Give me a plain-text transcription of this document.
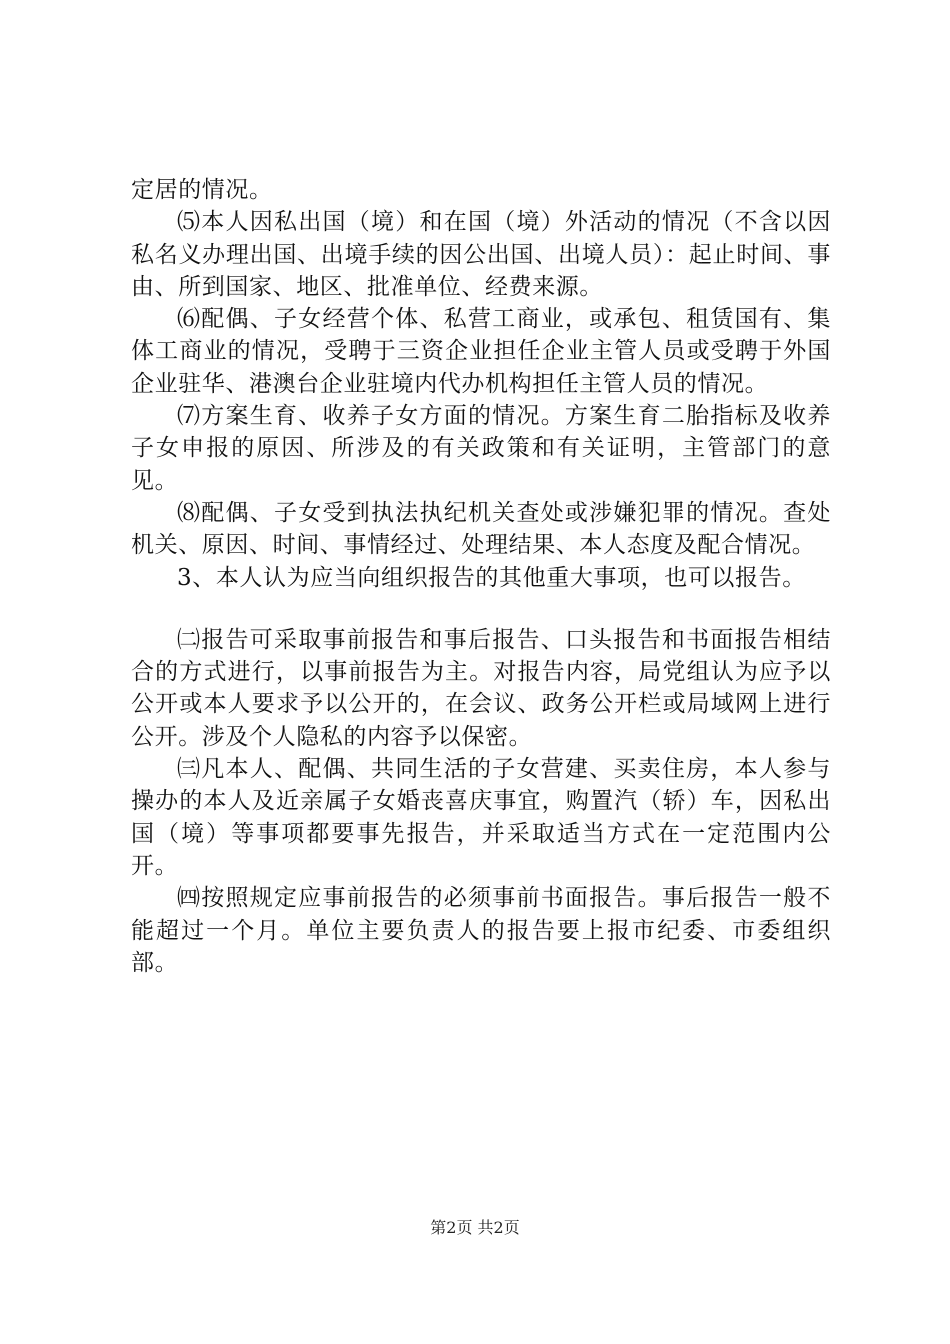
定居的情况。

⑸本人因私出国（境）和在国（境）外活动的情况（不含以因私名义办理出国、出境手续的因公出国、出境人员）：起止时间、事由、所到国家、地区、批准单位、经费来源。

⑹配偶、子女经营个体、私营工商业，或承包、租赁国有、集体工商业的情况，受聘于三资企业担任企业主管人员或受聘于外国企业驻华、港澳台企业驻境内代办机构担任主管人员的情况。

⑺方案生育、收养子女方面的情况。方案生育二胎指标及收养子女申报的原因、所涉及的有关政策和有关证明，主管部门的意见。

⑻配偶、子女受到执法执纪机关查处或涉嫌犯罪的情况。查处机关、原因、时间、事情经过、处理结果、本人态度及配合情况。

3、本人认为应当向组织报告的其他重大事项，也可以报告。

㈡报告可采取事前报告和事后报告、口头报告和书面报告相结合的方式进行，以事前报告为主。对报告内容，局党组认为应予以公开或本人要求予以公开的，在会议、政务公开栏或局域网上进行公开。涉及个人隐私的内容予以保密。

㈢凡本人、配偶、共同生活的子女营建、买卖住房，本人参与操办的本人及近亲属子女婚丧喜庆事宜，购置汽（轿）车，因私出国（境）等事项都要事先报告，并采取适当方式在一定范围内公开。

㈣按照规定应事前报告的必须事前书面报告。事后报告一般不能超过一个月。单位主要负责人的报告要上报市纪委、市委组织部。

第2页 共2页
